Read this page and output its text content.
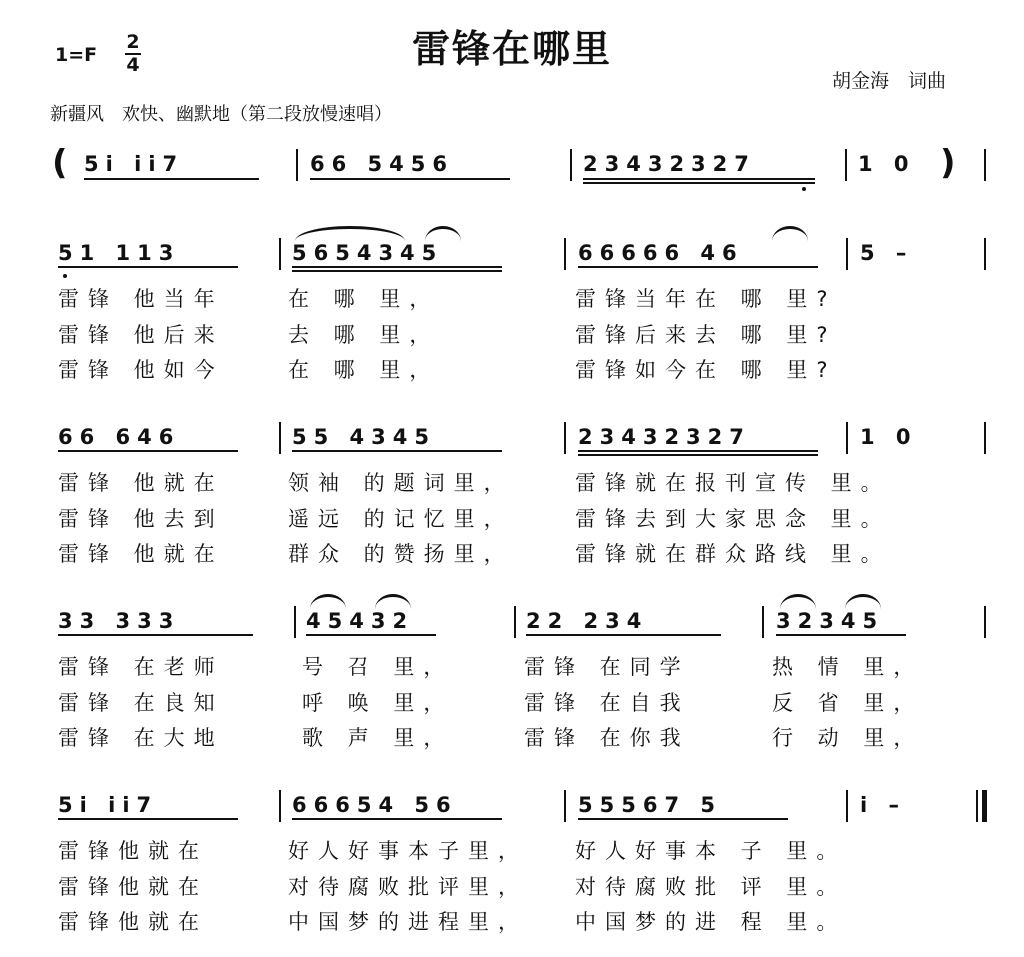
雷锋在哪里
1=F
2
4
胡金海　词曲
新疆风　欢快、幽默地（第二段放慢速唱）
( 5i̇ i̇i̇7	66 5456	23432327	1 0 )
51 113	5654345	66666 46	5 –
雷锋 他当年	在 哪 里，	雷锋当年在 哪 里?
雷锋 他后来	去 哪 里，	雷锋后来去 哪 里?
雷锋 他如今	在 哪 里，	雷锋如今在 哪 里?
66 646	55 4345	23432327	1 0
雷锋 他就在	领袖 的题词里，	雷锋就在报刊宣传 里。
雷锋 他去到	遥远 的记忆里，	雷锋去到大家思念 里。
雷锋 他就在	群众 的赞扬里，	雷锋就在群众路线 里。
33 333	45432	22 234	32345
雷锋 在老师	号 召 里，	雷锋 在同学	热 情 里，
雷锋 在良知	呼 唤 里，	雷锋 在自我	反 省 里，
雷锋 在大地	歌 声 里，	雷锋 在你我	行 动 里，
5i̇ i̇i̇7	66654 56	55567 5	i̇ –
雷锋他就在	好人好事本子里， 好人好事本 子 里。
雷锋他就在	对待腐败批评里， 对待腐败批 评 里。
雷锋他就在	中国梦的进程里， 中国梦的进 程 里。
